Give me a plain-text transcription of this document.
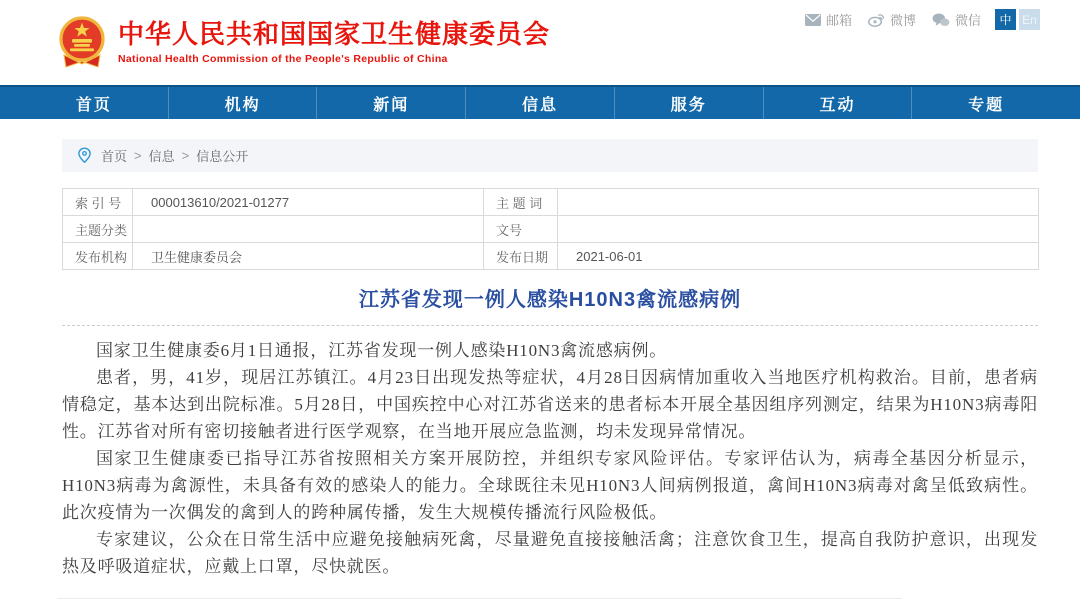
中华人民共和国国家卫生健康委员会
National Health Commission of the People's Republic of China
邮箱	微博	微信	中 En
首页	机构	新闻	信息	服务	互动	专题
首页 > 信息 > 信息公开
索 引 号	000013610/2021-01277	主 题 词	
主题分类		文号	
发布机构	卫生健康委员会	发布日期	2021-06-01
江苏省发现一例人感染H10N3禽流感病例

国家卫生健康委6月1日通报，江苏省发现一例人感染H10N3禽流感病例。

患者，男，41岁，现居江苏镇江。4月23日出现发热等症状，4月28日因病情加重收入当地医疗机构救治。目前，患者病情稳定，基本达到出院标准。5月28日，中国疾控中心对江苏省送来的患者标本开展全基因组序列测定，结果为H10N3病毒阳性。江苏省对所有密切接触者进行医学观察，在当地开展应急监测，均未发现异常情况。

国家卫生健康委已指导江苏省按照相关方案开展防控，并组织专家风险评估。专家评估认为，病毒全基因分析显示，H10N3病毒为禽源性，未具备有效的感染人的能力。全球既往未见H10N3人间病例报道，禽间H10N3病毒对禽呈低致病性。此次疫情为一次偶发的禽到人的跨种属传播，发生大规模传播流行风险极低。

专家建议，公众在日常生活中应避免接触病死禽，尽量避免直接接触活禽；注意饮食卫生，提高自我防护意识，出现发热及呼吸道症状，应戴上口罩，尽快就医。
